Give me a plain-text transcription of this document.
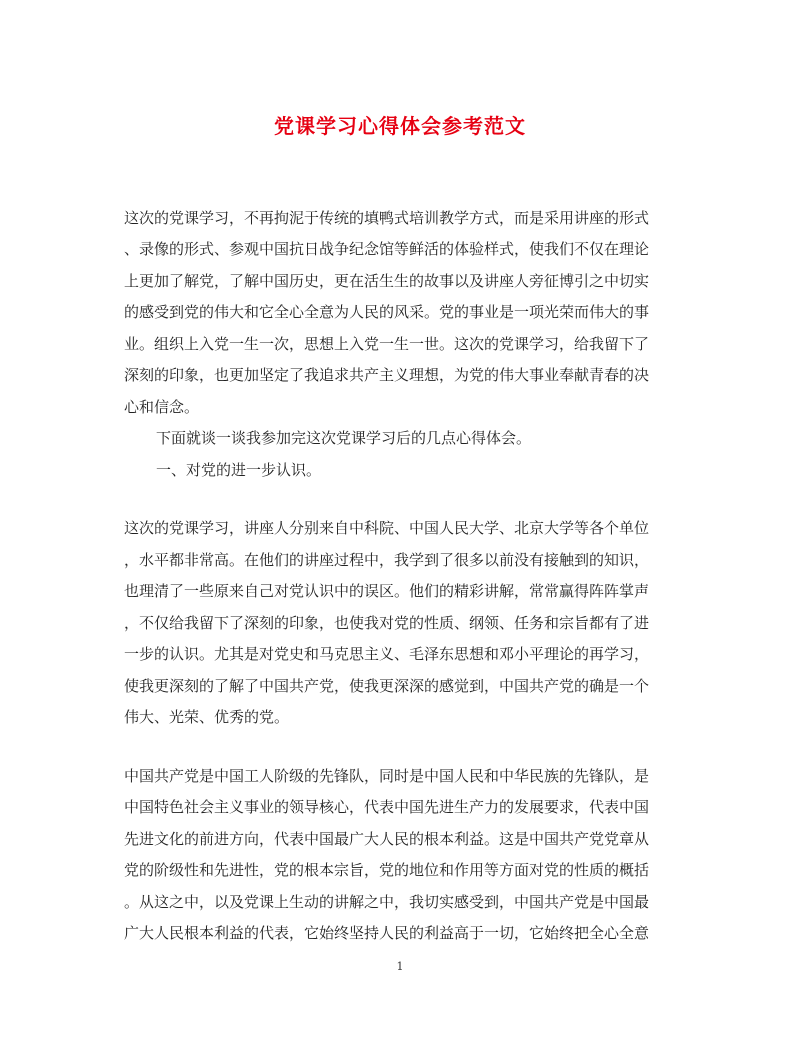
党课学习心得体会参考范文

这次的党课学习，不再拘泥于传统的填鸭式培训教学方式，而是采用讲座的形式

、录像的形式、参观中国抗日战争纪念馆等鲜活的体验样式，使我们不仅在理论

上更加了解党，了解中国历史，更在活生生的故事以及讲座人旁征博引之中切实

的感受到党的伟大和它全心全意为人民的风采。党的事业是一项光荣而伟大的事

业。组织上入党一生一次，思想上入党一生一世。这次的党课学习，给我留下了

深刻的印象，也更加坚定了我追求共产主义理想，为党的伟大事业奉献青春的决

心和信念。

下面就谈一谈我参加完这次党课学习后的几点心得体会。

一、对党的进一步认识。

这次的党课学习，讲座人分别来自中科院、中国人民大学、北京大学等各个单位

，水平都非常高。在他们的讲座过程中，我学到了很多以前没有接触到的知识，

也理清了一些原来自己对党认识中的误区。他们的精彩讲解，常常赢得阵阵掌声

，不仅给我留下了深刻的印象，也使我对党的性质、纲领、任务和宗旨都有了进

一步的认识。尤其是对党史和马克思主义、毛泽东思想和邓小平理论的再学习，

使我更深刻的了解了中国共产党，使我更深深的感觉到，中国共产党的确是一个

伟大、光荣、优秀的党。

中国共产党是中国工人阶级的先锋队，同时是中国人民和中华民族的先锋队，是

中国特色社会主义事业的领导核心，代表中国先进生产力的发展要求，代表中国

先进文化的前进方向，代表中国最广大人民的根本利益。这是中国共产党党章从

党的阶级性和先进性，党的根本宗旨，党的地位和作用等方面对党的性质的概括

。从这之中，以及党课上生动的讲解之中，我切实感受到，中国共产党是中国最

广大人民根本利益的代表，它始终坚持人民的利益高于一切，它始终把全心全意

1
